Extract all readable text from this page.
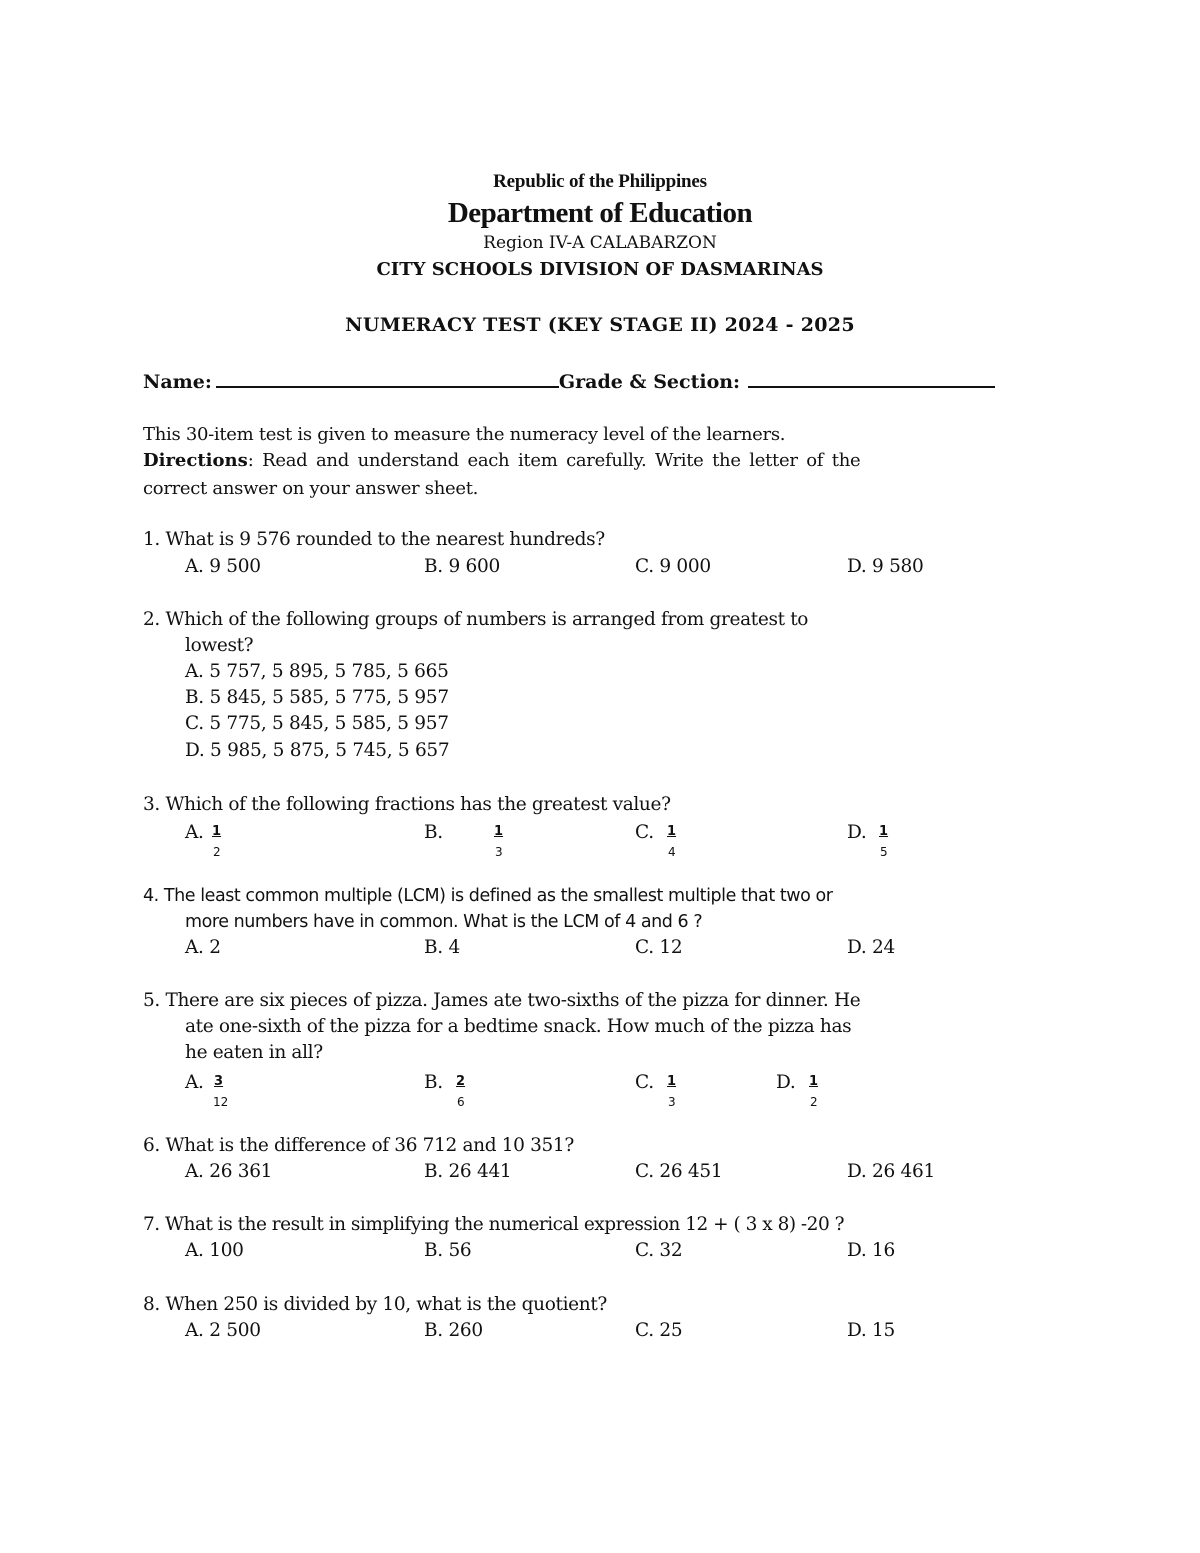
Republic of the Philippines
Department of Education
Region IV-A CALABARZON
CITY SCHOOLS DIVISION OF DASMARINAS
NUMERACY TEST (KEY STAGE II) 2024 - 2025
Name:	Grade & Section:
This 30-item test is given to measure the numeracy level of the learners.
Directions: Read and understand each item carefully. Write the letter of the
correct answer on your answer sheet.
1. What is 9 576 rounded to the nearest hundreds?
A. 9 500	B. 9 600	C. 9 000	D. 9 580
2. Which of the following groups of numbers is arranged from greatest to
lowest?
A. 5 757, 5 895, 5 785, 5 665
B. 5 845, 5 585, 5 775, 5 957
C. 5 775, 5 845, 5 585, 5 957
D. 5 985, 5 875, 5 745, 5 657
3. Which of the following fractions has the greatest value?
A. 1
2
B.	1
3
C. 1
4
D. 1
5
4. The least common multiple (LCM) is defined as the smallest multiple that two or
more numbers have in common. What is the LCM of 4 and 6 ?
A. 2	B. 4	C. 12	D. 24
5. There are six pieces of pizza. James ate two-sixths of the pizza for dinner. He
ate one-sixth of the pizza for a bedtime snack. How much of the pizza has
he eaten in all?
A. 3
12
B. 2
6
C. 1
3
D. 1
2
6. What is the difference of 36 712 and 10 351?
A. 26 361	B. 26 441	C. 26 451	D. 26 461
7. What is the result in simplifying the numerical expression 12 + ( 3 x 8) -20 ?
A. 100	B. 56	C. 32	D. 16
8. When 250 is divided by 10, what is the quotient?
A. 2 500	B. 260	C. 25	D. 15
